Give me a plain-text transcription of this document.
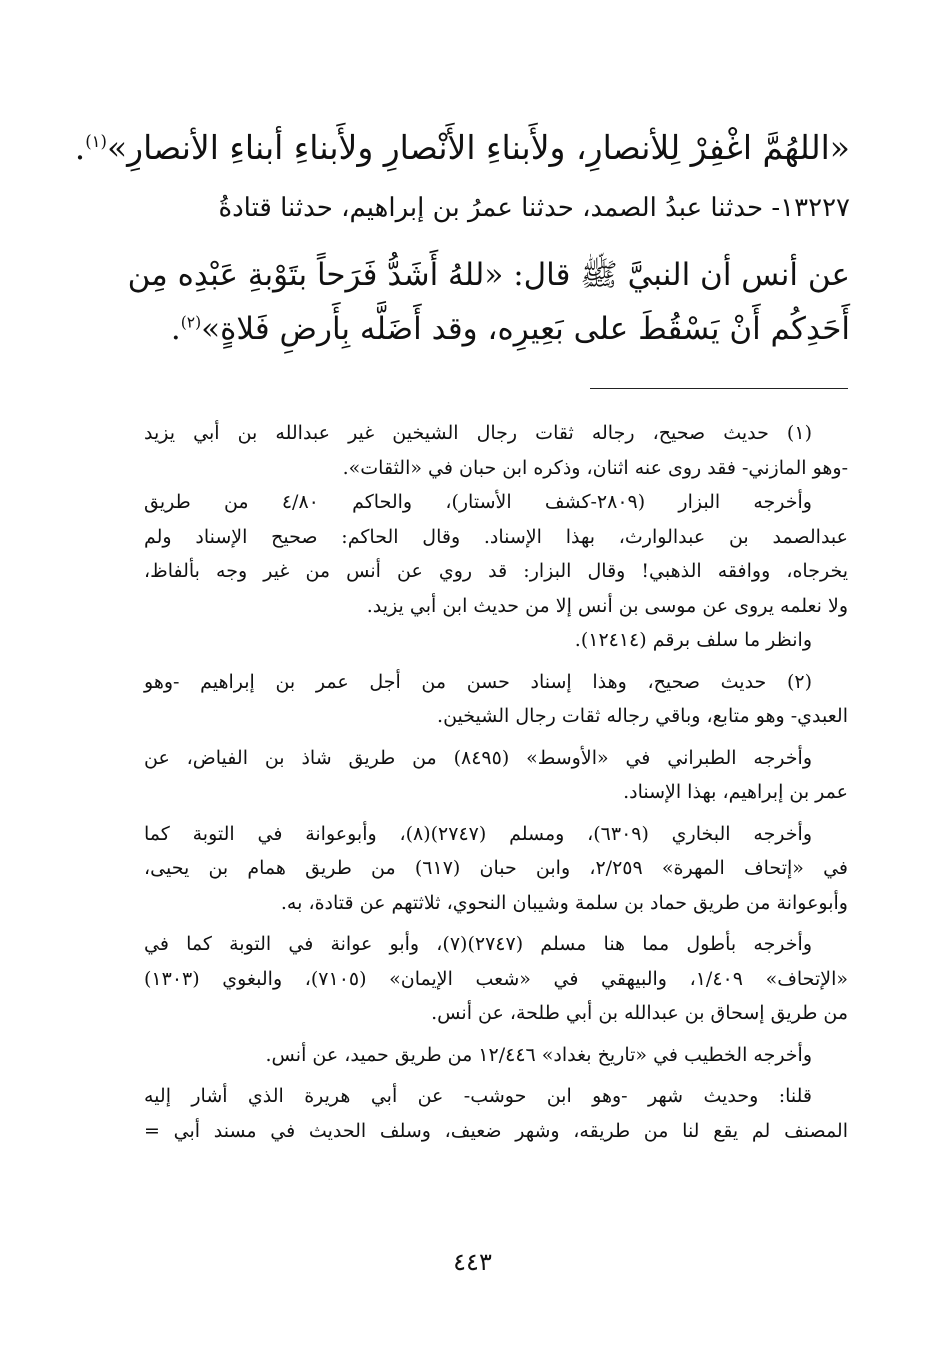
«اللهُمَّ اغْفِرْ لِلأنصارِ، ولأَبناءِ الأَنْصارِ ولأَبناءِ أبناءِ الأنصارِ»$^{(١)}$.
١٣٢٢٧- حدثنا عبدُ الصمد، حدثنا عمرُ بن إبراهيم، حدثنا قتادةُ
عن أنس أن النبيَّ ﷺ قال: «للهُ أَشَدُّ فَرَحاً بتَوْبةِ عَبْدِه مِن
أَحَدِكُم أَنْ يَسْقُطَ على بَعِيرِه، وقد أَضَلَّه بِأَرضِ فَلاةٍ»$^{(٢)}$.
(١) حديث صحيح، رجاله ثقات رجال الشيخين غير عبدالله بن أبي يزيد
-وهو المازني- فقد روى عنه اثنان، وذكره ابن حبان في «الثقات».
وأخرجه البزار (٢٨٠٩-كشف الأستار)، والحاكم ٤/٨٠ من طريق
عبدالصمد بن عبدالوارث، بهذا الإسناد. وقال الحاكم: صحيح الإسناد ولم
يخرجاه، ووافقه الذهبي! وقال البزار: قد روي عن أنس من غير وجه بألفاظ،
ولا نعلمه يروى عن موسى بن أنس إلا من حديث ابن أبي يزيد.
وانظر ما سلف برقم (١٢٤١٤).
(٢) حديث صحيح، وهذا إسناد حسن من أجل عمر بن إبراهيم -وهو
العبدي- وهو متابع، وباقي رجاله ثقات رجال الشيخين.
وأخرجه الطبراني في «الأوسط» (٨٤٩٥) من طريق شاذ بن الفياض، عن
عمر بن إبراهيم، بهذا الإسناد.
وأخرجه البخاري (٦٣٠٩)، ومسلم (٢٧٤٧)(٨)، وأبوعوانة في التوبة كما
في «إتحاف المهرة» ٢/٢٥٩، وابن حبان (٦١٧) من طريق همام بن يحيى،
وأبوعوانة من طريق حماد بن سلمة وشيبان النحوي، ثلاثتهم عن قتادة، به.
وأخرجه بأطول مما هنا مسلم (٢٧٤٧)(٧)، وأبو عوانة في التوبة كما في
«الإتحاف» ١/٤٠٩، والبيهقي في «شعب الإيمان» (٧١٠٥)، والبغوي (١٣٠٣)
من طريق إسحاق بن عبدالله بن أبي طلحة، عن أنس.
وأخرجه الخطيب في «تاريخ بغداد» ١٢/٤٤٦ من طريق حميد، عن أنس.
قلنا: وحديث شهر -وهو ابن حوشب- عن أبي هريرة الذي أشار إليه
المصنف لم يقع لنا من طريقه، وشهر ضعيف، وسلف الحديث في مسند أبي =
٤٤٣
